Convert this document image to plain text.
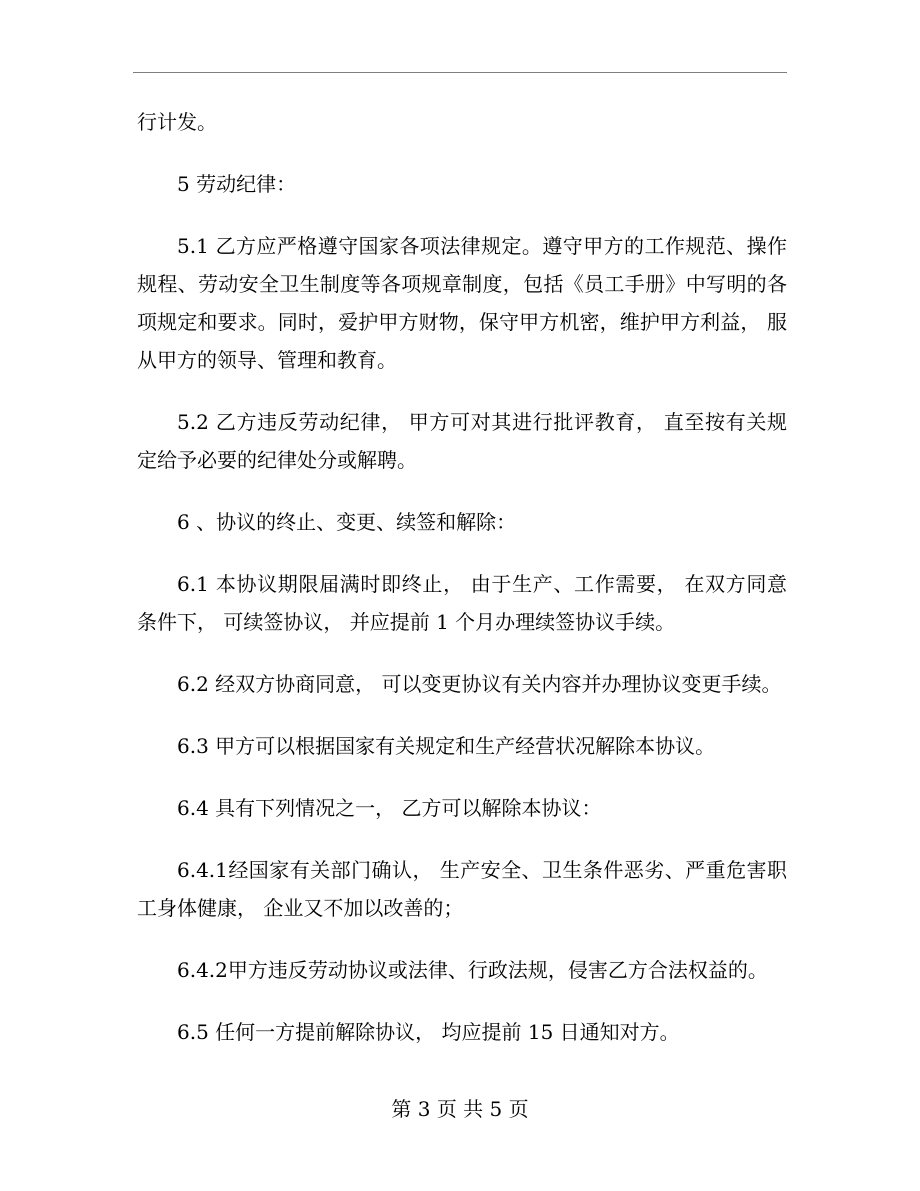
行计发。

5 劳动纪律：

5.1 乙方应严格遵守国家各项法律规定。遵守甲方的工作规范、操作规程、劳动安全卫生制度等各项规章制度，包括《员工手册》中写明的各项规定和要求。同时，爱护甲方财物，保守甲方机密，维护甲方利益， 服从甲方的领导、管理和教育。

5.2 乙方违反劳动纪律， 甲方可对其进行批评教育， 直至按有关规定给予必要的纪律处分或解聘。

6 、协议的终止、变更、续签和解除：

6.1 本协议期限届满时即终止， 由于生产、工作需要， 在双方同意条件下， 可续签协议， 并应提前 1 个月办理续签协议手续。

6.2 经双方协商同意， 可以变更协议有关内容并办理协议变更手续。

6.3 甲方可以根据国家有关规定和生产经营状况解除本协议。

6.4 具有下列情况之一， 乙方可以解除本协议：

6.4.1经国家有关部门确认， 生产安全、卫生条件恶劣、严重危害职工身体健康， 企业又不加以改善的；

6.4.2甲方违反劳动协议或法律、行政法规，侵害乙方合法权益的。

6.5 任何一方提前解除协议， 均应提前 15 日通知对方。

第 3 页 共 5 页
